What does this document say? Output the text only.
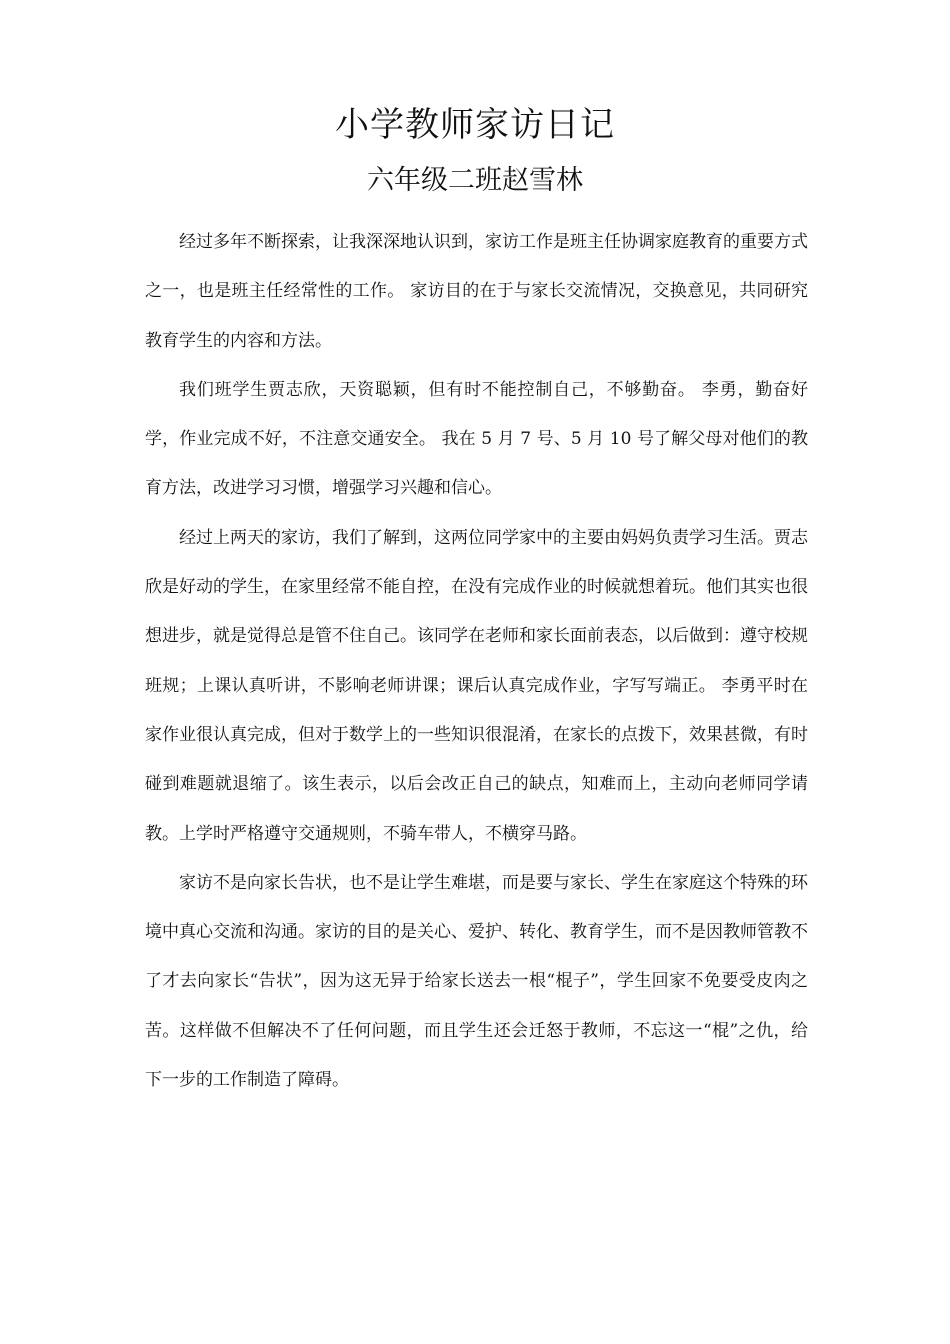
小学教师家访日记
六年级二班赵雪林

经过多年不断探索，让我深深地认识到，家访工作是班主任协调家庭教育的重要方式之一，也是班主任经常性的工作。 家访目的在于与家长交流情况，交换意见，共同研究教育学生的内容和方法。

我们班学生贾志欣，天资聪颖，但有时不能控制自己，不够勤奋。 李勇，勤奋好学，作业完成不好，不注意交通安全。 我在 5 月 7 号、5 月 10 号了解父母对他们的教育方法，改进学习习惯，增强学习兴趣和信心。

经过上两天的家访，我们了解到，这两位同学家中的主要由妈妈负责学习生活。贾志欣是好动的学生，在家里经常不能自控，在没有完成作业的时候就想着玩。他们其实也很想进步，就是觉得总是管不住自己。该同学在老师和家长面前表态，以后做到：遵守校规班规；上课认真听讲，不影响老师讲课；课后认真完成作业，字写写端正。 李勇平时在家作业很认真完成，但对于数学上的一些知识很混淆，在家长的点拨下，效果甚微，有时碰到难题就退缩了。该生表示，以后会改正自己的缺点，知难而上，主动向老师同学请教。上学时严格遵守交通规则，不骑车带人，不横穿马路。

家访不是向家长告状，也不是让学生难堪，而是要与家长、学生在家庭这个特殊的环境中真心交流和沟通。家访的目的是关心、爱护、转化、教育学生，而不是因教师管教不了才去向家长“告状”，因为这无异于给家长送去一根“棍子”，学生回家不免要受皮肉之苦。这样做不但解决不了任何问题，而且学生还会迁怒于教师，不忘这一“棍”之仇，给下一步的工作制造了障碍。
